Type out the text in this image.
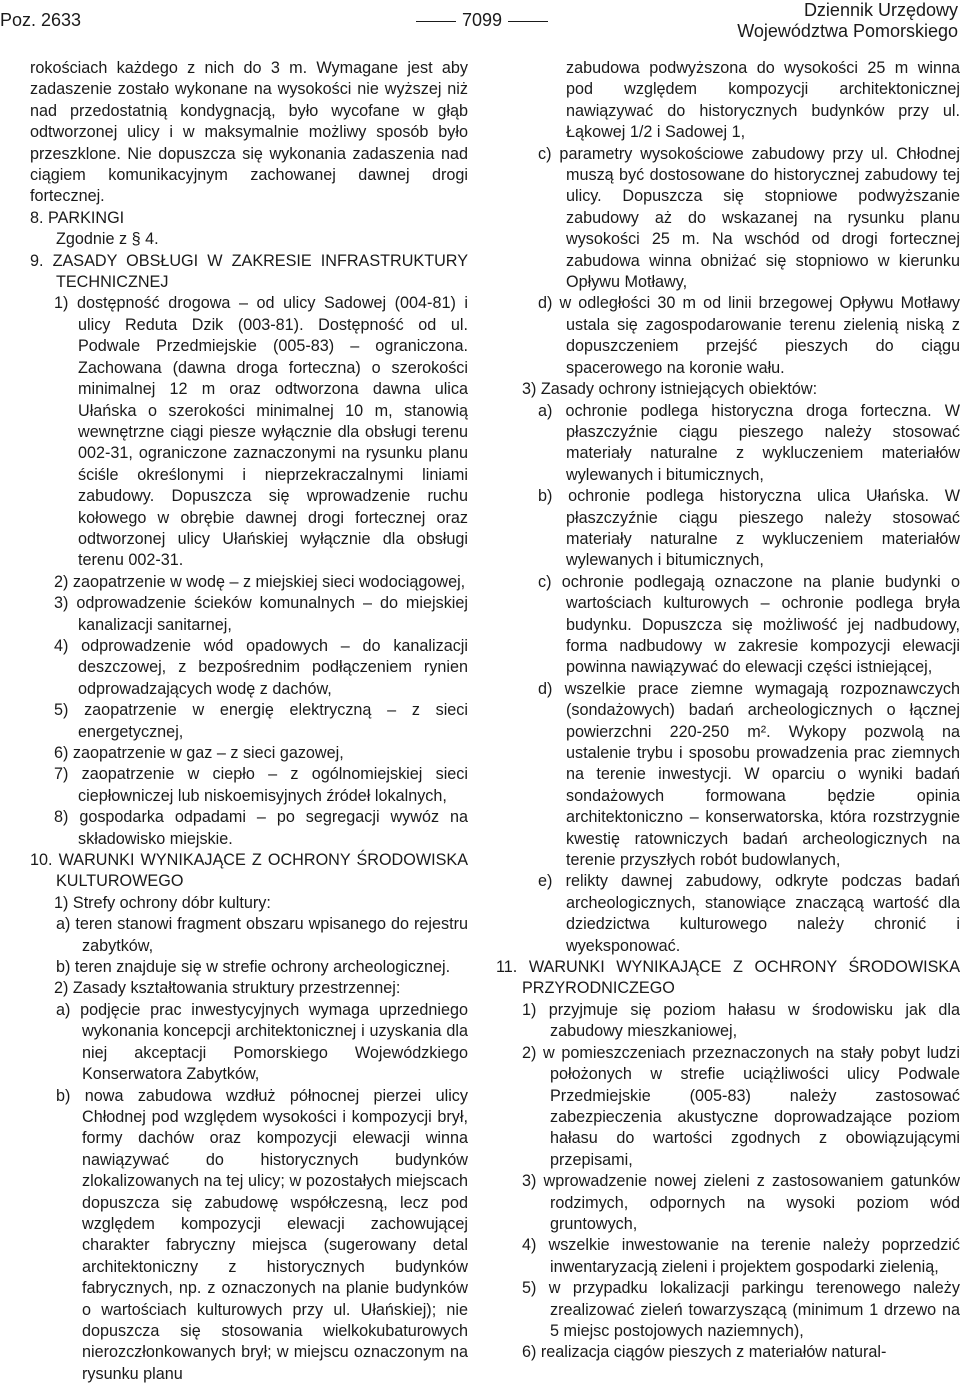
Poz. 2633	7099	Dziennik Urzędowy
Województwa Pomorskiego

rokościach każdego z nich do 3 m. Wymagane jest aby zadaszenie zostało wykonane na wysokości nie wyższej niż nad przedostatnią kondygnacją, było wycofane w głąb odtworzonej ulicy i w maksymalnie możliwy sposób było przeszklone. Nie dopuszcza się wykonania zadaszenia nad ciągiem komunikacyjnym zachowanej dawnej drogi fortecznej.

8. PARKINGI

Zgodnie z § 4.

9. ZASADY OBSŁUGI W ZAKRESIE INFRASTRUKTURY TECHNICZNEJ

1) dostępność drogowa – od ulicy Sadowej (004-81) i ulicy Reduta Dzik (003-81). Dostępność od ul. Podwale Przedmiejskie (005-83) – ograniczona. Zachowana (dawna droga forteczna) o szerokości minimalnej 12 m oraz odtworzona dawna ulica Ułańska o szerokości minimalnej 10 m, stanowią wewnętrzne ciągi piesze wyłącznie dla obsługi terenu 002-31, ograniczone zaznaczonymi na rysunku planu ściśle określonymi i nieprzekraczalnymi liniami zabudowy. Dopuszcza się wprowadzenie ruchu kołowego w obrębie dawnej drogi fortecznej oraz odtworzonej ulicy Ułańskiej wyłącznie dla obsługi terenu 002-31.

2) zaopatrzenie w wodę – z miejskiej sieci wodociągowej,

3) odprowadzenie ścieków komunalnych – do miejskiej kanalizacji sanitarnej,

4) odprowadzenie wód opadowych – do kanalizacji deszczowej, z bezpośrednim podłączeniem rynien odprowadzających wodę z dachów,

5) zaopatrzenie w energię elektryczną – z sieci energetycznej,

6) zaopatrzenie w gaz – z sieci gazowej,

7) zaopatrzenie w ciepło – z ogólnomiejskiej sieci ciepłowniczej lub niskoemisyjnych źródeł lokalnych,

8) gospodarka odpadami – po segregacji wywóz na składowisko miejskie.

10. WARUNKI WYNIKAJĄCE Z OCHRONY ŚRODOWISKA KULTUROWEGO

1) Strefy ochrony dóbr kultury:

a) teren stanowi fragment obszaru wpisanego do rejestru zabytków,

b) teren znajduje się w strefie ochrony archeologicznej.

2) Zasady kształtowania struktury przestrzennej:

a) podjęcie prac inwestycyjnych wymaga uprzedniego wykonania koncepcji architektonicznej i uzyskania dla niej akceptacji Pomorskiego Wojewódzkiego Konserwatora Zabytków,

b) nowa zabudowa wzdłuż północnej pierzei ulicy Chłodnej pod względem wysokości i kompozycji brył, formy dachów oraz kompozycji elewacji winna nawiązywać do historycznych budynków zlokalizowanych na tej ulicy; w pozostałych miejscach dopuszcza się zabudowę współczesną, lecz pod względem kompozycji elewacji zachowującej charakter fabryczny miejsca (sugerowany detal architektoniczny z historycznych budynków fabrycznych, np. z oznaczonych na planie budynków o wartościach kulturowych przy ul. Ułańskiej); nie dopuszcza się stosowania wielkokubaturowych nierozczłonkowanych brył; w miejscu oznaczonym na rysunku planu

zabudowa podwyższona do wysokości 25 m winna pod względem kompozycji architektonicznej nawiązywać do historycznych budynków przy ul. Łąkowej 1/2 i Sadowej 1,

c) parametry wysokościowe zabudowy przy ul. Chłodnej muszą być dostosowane do historycznej zabudowy tej ulicy. Dopuszcza się stopniowe podwyższanie zabudowy aż do wskazanej na rysunku planu wysokości 25 m. Na wschód od drogi fortecznej zabudowa winna obniżać się stopniowo w kierunku Opływu Motławy,

d) w odległości 30 m od linii brzegowej Opływu Motławy ustala się zagospodarowanie terenu zielenią niską z dopuszczeniem przejść pieszych do ciągu spacerowego na koronie wału.

3) Zasady ochrony istniejących obiektów:

a) ochronie podlega historyczna droga forteczna. W płaszczyźnie ciągu pieszego należy stosować materiały naturalne z wykluczeniem materiałów wylewanych i bitumicznych,

b) ochronie podlega historyczna ulica Ułańska. W płaszczyźnie ciągu pieszego należy stosować materiały naturalne z wykluczeniem materiałów wylewanych i bitumicznych,

c) ochronie podlegają oznaczone na planie budynki o wartościach kulturowych – ochronie podlega bryła budynku. Dopuszcza się możliwość jej nadbudowy, forma nadbudowy w zakresie kompozycji elewacji powinna nawiązywać do elewacji części istniejącej,

d) wszelkie prace ziemne wymagają rozpoznawczych (sondażowych) badań archeologicznych o łącznej powierzchni 220-250 m². Wykopy pozwolą na ustalenie trybu i sposobu prowadzenia prac ziemnych na terenie inwestycji. W oparciu o wyniki badań sondażowych formowana będzie opinia architektoniczno – konserwatorska, która rozstrzygnie kwestię ratowniczych badań archeologicznych na terenie przyszłych robót budowlanych,

e) relikty dawnej zabudowy, odkryte podczas badań archeologicznych, stanowiące znaczącą wartość dla dziedzictwa kulturowego należy chronić i wyeksponować.

11. WARUNKI WYNIKAJĄCE Z OCHRONY ŚRODOWISKA PRZYRODNICZEGO

1) przyjmuje się poziom hałasu w środowisku jak dla zabudowy mieszkaniowej,

2) w pomieszczeniach przeznaczonych na stały pobyt ludzi położonych w strefie uciążliwości ulicy Podwale Przedmiejskie (005-83) należy zastosować zabezpieczenia akustyczne doprowadzające poziom hałasu do wartości zgodnych z obowiązującymi przepisami,

3) wprowadzenie nowej zieleni z zastosowaniem gatunków rodzimych, odpornych na wysoki poziom wód gruntowych,

4) wszelkie inwestowanie na terenie należy poprzedzić inwentaryzacją zieleni i projektem gospodarki zielenią,

5) w przypadku lokalizacji parkingu terenowego należy zrealizować zieleń towarzyszącą (minimum 1 drzewo na 5 miejsc postojowych naziemnych),

6) realizacja ciągów pieszych z materiałów natural-
